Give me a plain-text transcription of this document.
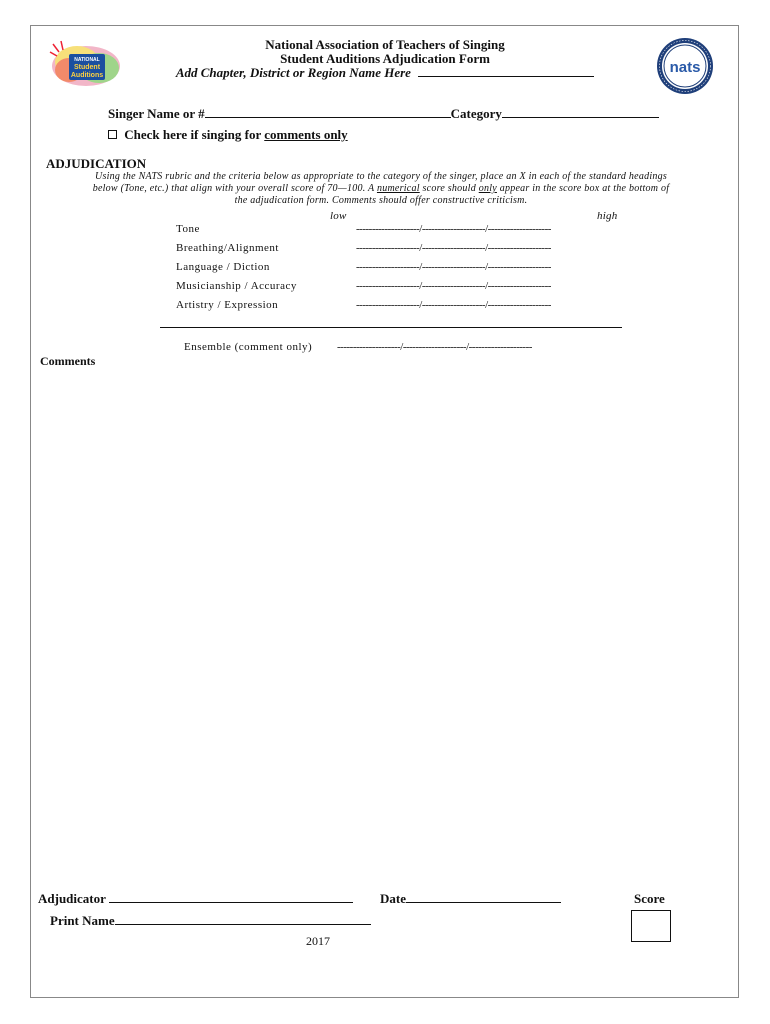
NATIONAL
Student
Auditions
National Association of Teachers of Singing
Student Auditions Adjudication Form
Add Chapter, District or Region Name Here	nats
Singer Name or #	Category
Check here if singing for comments only
ADJUDICATION
Using the NATS rubric and the criteria below as appropriate to the category of the singer, place an X in each of the standard headings
below (Tone, etc.) that align with your overall score of 70—100. A numerical score should only appear in the score box at the bottom of
the adjudication form. Comments should offer constructive criticism.
low	high
Tone	--------------------/--------------------/--------------------
Breathing/Alignment	--------------------/--------------------/--------------------
Language / Diction	--------------------/--------------------/--------------------
Musicianship / Accuracy	--------------------/--------------------/--------------------
Artistry / Expression	--------------------/--------------------/--------------------
Ensemble (comment only) --------------------/--------------------/--------------------
Comments
Adjudicator	Date	Score
Print Name
2017
